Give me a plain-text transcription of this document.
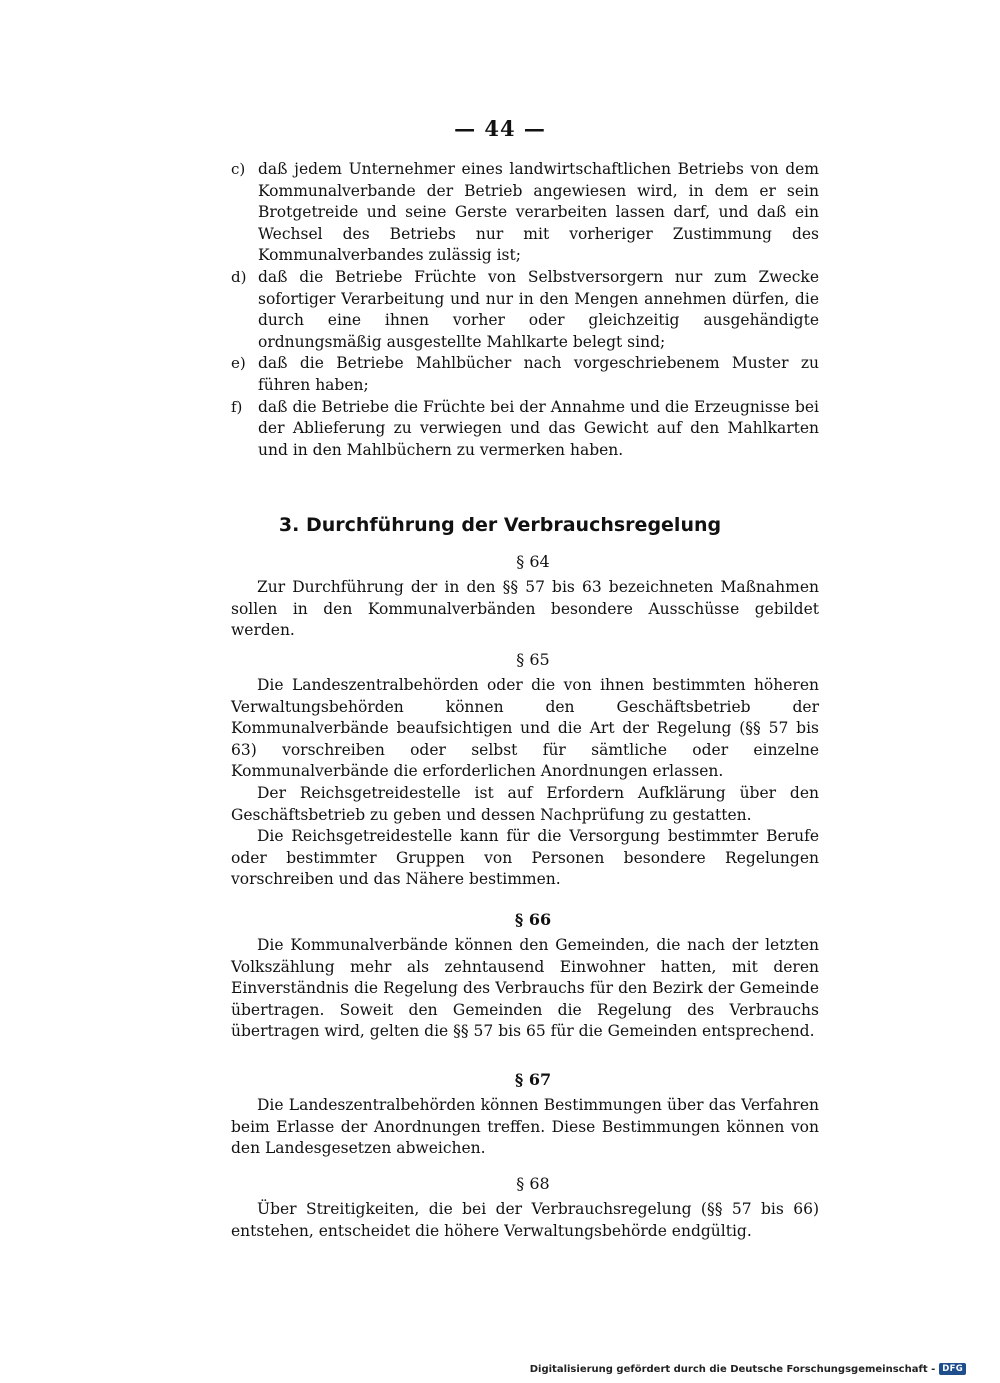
— 44 —
c) daß jedem Unternehmer eines landwirtschaftlichen Betriebs von dem Kommunalverbande der Betrieb angewiesen wird, in dem er sein Brotgetreide und seine Gerste verarbeiten lassen darf, und daß ein Wechsel des Betriebs nur mit vorheriger Zustimmung des Kommunalverbandes zulässig ist;
d) daß die Betriebe Früchte von Selbstversorgern nur zum Zwecke sofortiger Verarbeitung und nur in den Mengen annehmen dürfen, die durch eine ihnen vorher oder gleichzeitig ausgehändigte ordnungsmäßig ausgestellte Mahlkarte belegt sind;
e) daß die Betriebe Mahlbücher nach vorgeschriebenem Muster zu führen haben;
f)	daß die Betriebe die Früchte bei der Annahme und die Erzeugnisse bei der Ablieferung zu verwiegen und das Gewicht auf den Mahlkarten und in den Mahlbüchern zu vermerken haben.
3. Durchführung der Verbrauchsregelung
§ 64

Zur Durchführung der in den §§ 57 bis 63 bezeichneten Maßnahmen sollen in den Kommunalverbänden besondere Ausschüsse gebildet werden.

§ 65

Die Landeszentralbehörden oder die von ihnen bestimmten höheren Verwaltungsbehörden können den Geschäftsbetrieb der Kommunalverbände beaufsichtigen und die Art der Regelung (§§ 57 bis 63) vorschreiben oder selbst für sämtliche oder einzelne Kommunalverbände die erforderlichen Anordnungen erlassen.

Der Reichsgetreidestelle ist auf Erfordern Aufklärung über den Geschäftsbetrieb zu geben und dessen Nachprüfung zu gestatten.

Die Reichsgetreidestelle kann für die Versorgung bestimmter Berufe oder bestimmter Gruppen von Personen besondere Regelungen vorschreiben und das Nähere bestimmen.

§ 66

Die Kommunalverbände können den Gemeinden, die nach der letzten Volkszählung mehr als zehntausend Einwohner hatten, mit deren Einverständnis die Regelung des Verbrauchs für den Bezirk der Gemeinde übertragen. Soweit den Gemeinden die Regelung des Verbrauchs übertragen wird, gelten die §§ 57 bis 65 für die Gemeinden entsprechend.

§ 67

Die Landeszentralbehörden können Bestimmungen über das Verfahren beim Erlasse der Anordnungen treffen. Diese Bestimmungen können von den Landesgesetzen abweichen.

§ 68

Über Streitigkeiten, die bei der Verbrauchsregelung (§§ 57 bis 66) entstehen, entscheidet die höhere Verwaltungsbehörde endgültig.

Digitalisierung gefördert durch die Deutsche Forschungsgemeinschaft - DFG
